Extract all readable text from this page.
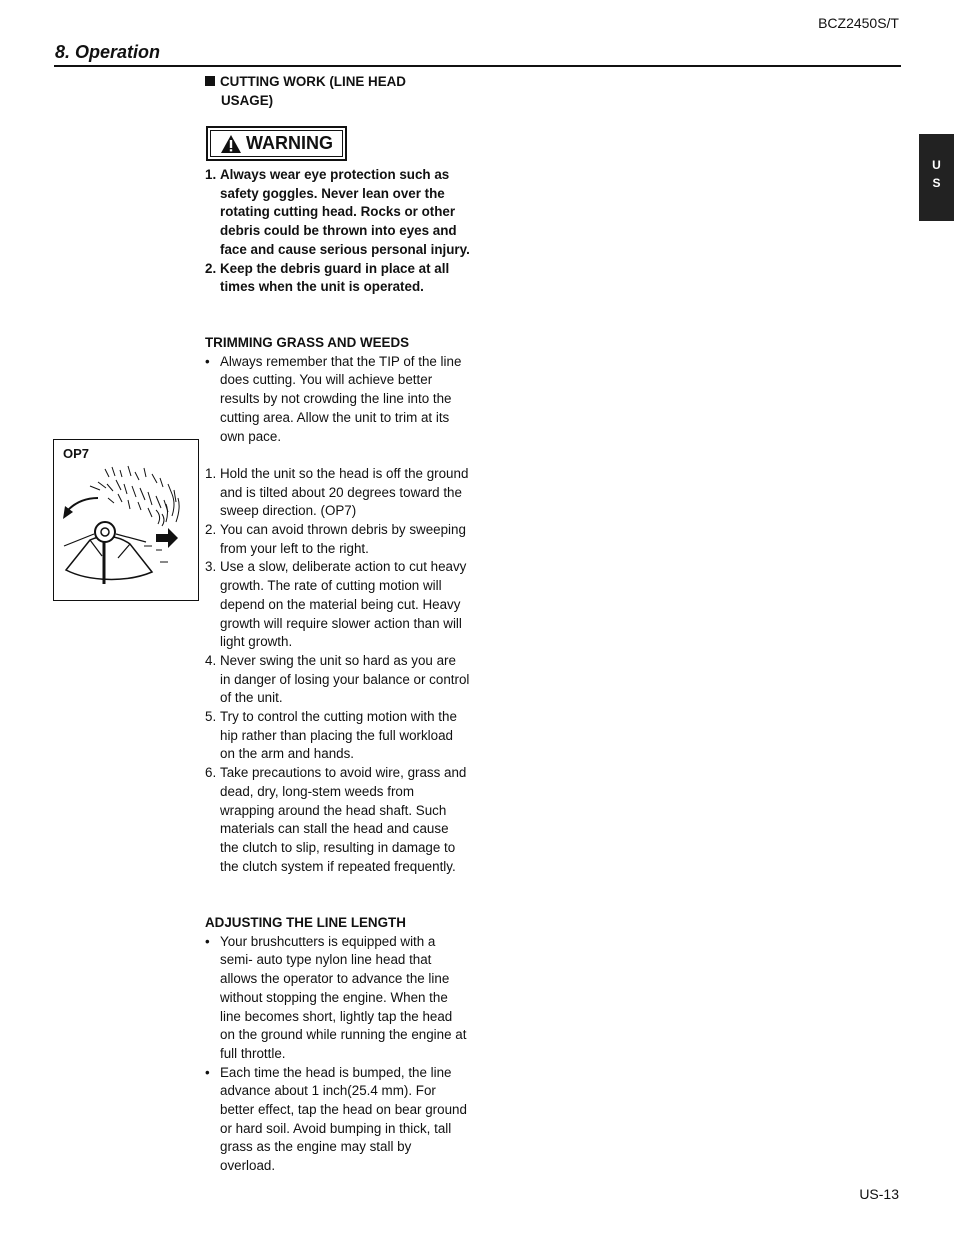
BCZ2450S/T
8. Operation
U
S
CUTTING WORK (LINE HEAD
USAGE)
WARNING
1. Always wear eye protection such as safety goggles. Never lean over the rotating cutting head. Rocks or other debris could be thrown into eyes and face and cause serious personal injury.
2. Keep the debris guard in place at all times when the unit is operated.
TRIMMING GRASS AND WEEDS
• Always remember that the TIP of the line does cutting. You will achieve better results by not crowding the line into the cutting area. Allow the unit to trim at its own pace.
1. Hold the unit so the head is off the ground and is tilted about 20 degrees toward the sweep direction. (OP7)
2. You can avoid thrown debris by sweeping from your left to the right.
3. Use a slow, deliberate action to cut heavy growth. The rate of cutting motion will depend on the material being cut. Heavy growth will require slower action than will light growth.
4. Never swing the unit so hard as you are in danger of losing your balance or control of the unit.
5. Try to control the cutting motion with the hip rather than placing the full workload on the arm and hands.
6. Take precautions to avoid wire, grass and dead, dry, long-stem weeds from wrapping around the head shaft. Such materials can stall the head and cause the clutch to slip, resulting in damage to the clutch system if repeated frequently.
ADJUSTING THE LINE LENGTH
• Your brushcutters is equipped with a semi- auto type nylon line head that allows the operator to advance the line without stopping the engine. When the line becomes short, lightly tap the head on the ground while running the engine at full throttle.
• Each time the head is bumped, the line advance about 1 inch(25.4 mm). For better effect, tap the head on bear ground or hard soil. Avoid bumping in thick, tall grass as the engine may stall by overload.
OP7
US-13
